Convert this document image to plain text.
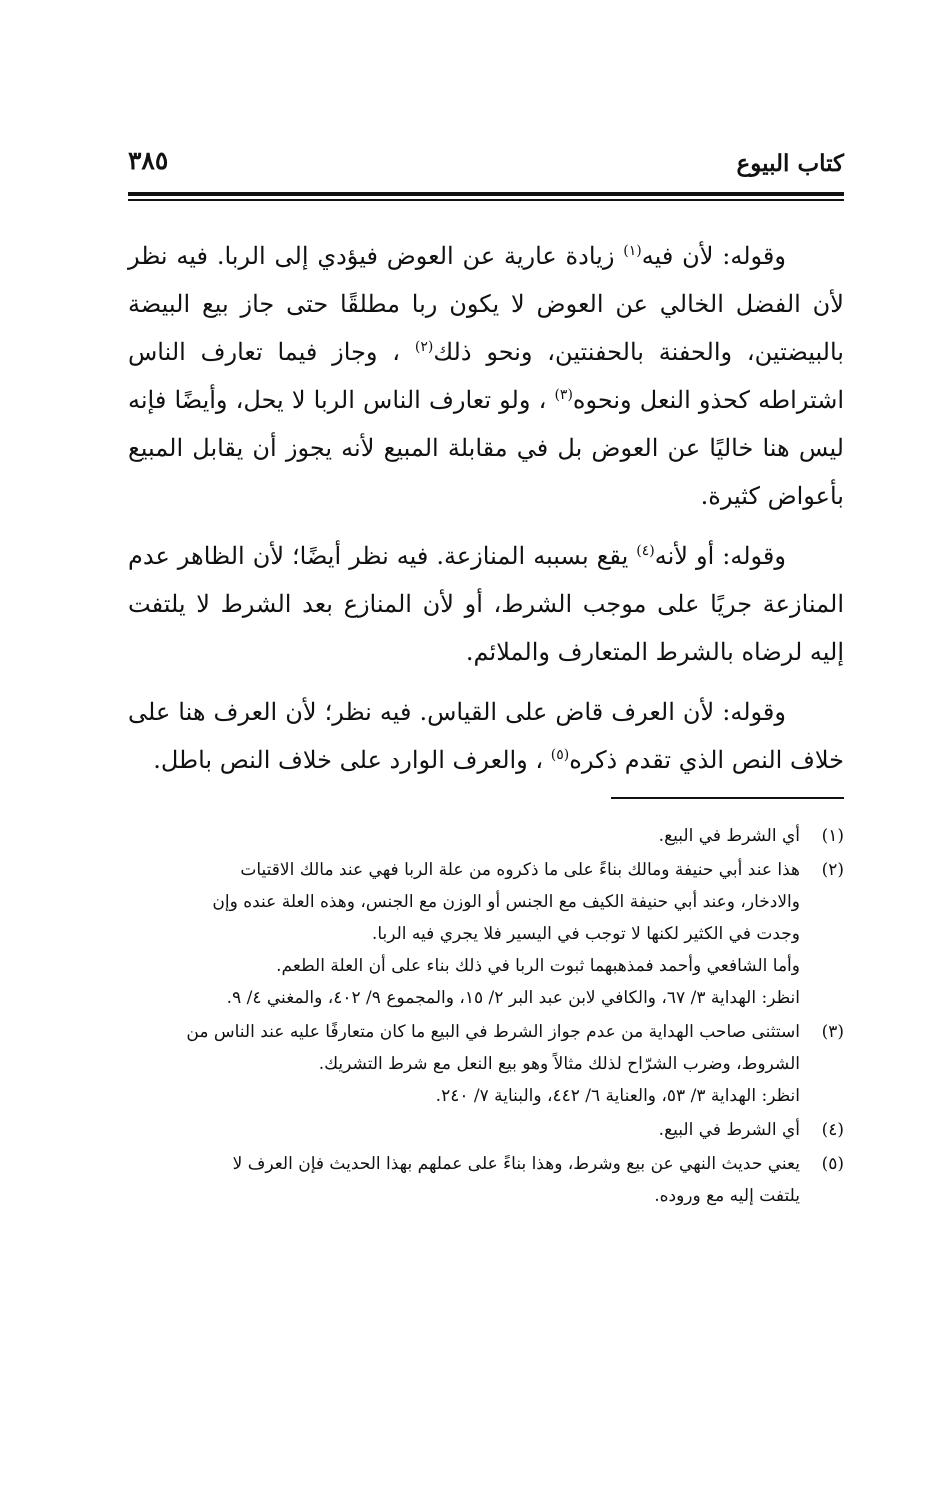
كتاب البيوع
٣٨٥

وقوله: لأن فيه$^{(١)}$ زيادة عارية عن العوض فيؤدي إلى الربا. فيه نظر لأن الفضل الخالي عن العوض لا يكون ربا مطلقًا حتى جاز بيع البيضة بالبيضتين، والحفنة بالحفنتين، ونحو ذلك$^{(٢)}$ ، وجاز فيما تعارف الناس اشتراطه كحذو النعل ونحوه$^{(٣)}$ ، ولو تعارف الناس الربا لا يحل، وأيضًا فإنه ليس هنا خاليًا عن العوض بل في مقابلة المبيع لأنه يجوز أن يقابل المبيع بأعواض كثيرة.

وقوله: أو لأنه$^{(٤)}$ يقع بسببه المنازعة. فيه نظر أيضًا؛ لأن الظاهر عدم المنازعة جريًا على موجب الشرط، أو لأن المنازع بعد الشرط لا يلتفت إليه لرضاه بالشرط المتعارف والملائم.

وقوله: لأن العرف قاض على القياس. فيه نظر؛ لأن العرف هنا على خلاف النص الذي تقدم ذكره$^{(٥)}$ ، والعرف الوارد على خلاف النص باطل.

(١)
أي الشرط في البيع.
(٢)
هذا عند أبي حنيفة ومالك بناءً على ما ذكروه من علة الربا فهي عند مالك الاقتيات
والادخار، وعند أبي حنيفة الكيف مع الجنس أو الوزن مع الجنس، وهذه العلة عنده وإن
وجدت في الكثير لكنها لا توجب في اليسير فلا يجري فيه الربا.
وأما الشافعي وأحمد فمذهبهما ثبوت الربا في ذلك بناء على أن العلة الطعم.
انظر: الهداية ٣/ ٦٧، والكافي لابن عبد البر ٢/ ١٥، والمجموع ٩/ ٤٠٢، والمغني ٤/ ٩.
(٣)
استثنى صاحب الهداية من عدم جواز الشرط في البيع ما كان متعارفًا عليه عند الناس من
الشروط، وضرب الشرّاح لذلك مثالاً وهو بيع النعل مع شرط التشريك.
انظر: الهداية ٣/ ٥٣، والعناية ٦/ ٤٤٢، والبناية ٧/ ٢٤٠.
(٤)
أي الشرط في البيع.
(٥)
يعني حديث النهي عن بيع وشرط، وهذا بناءً على عملهم بهذا الحديث فإن العرف لا
يلتفت إليه مع وروده.
